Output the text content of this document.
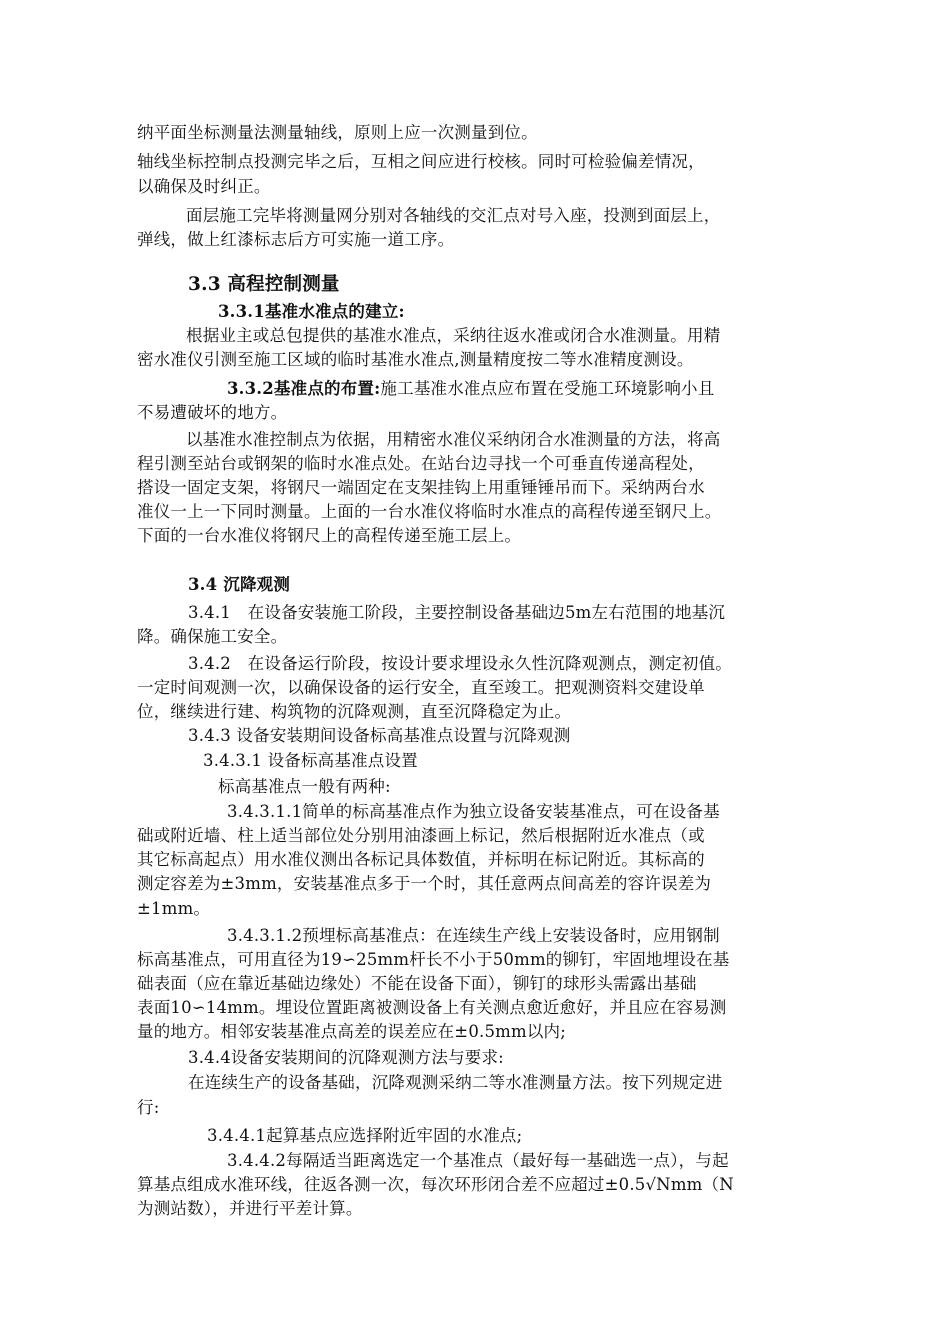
纳平面坐标测量法测量轴线，原则上应一次测量到位。
轴线坐标控制点投测完毕之后，互相之间应进行校核。同时可检验偏差情况，
以确保及时纠正。
面层施工完毕将测量网分别对各轴线的交汇点对号入座，投测到面层上，
弹线，做上红漆标志后方可实施一道工序。
3.3 高程控制测量
3.3.1基准水准点的建立:
根据业主或总包提供的基准水准点，采纳往返水准或闭合水准测量。用精
密水准仪引测至施工区域的临时基准水准点,测量精度按二等水准精度测设。
3.3.2基准点的布置:施工基准水准点应布置在受施工环境影响小且
不易遭破坏的地方。
以基准水准控制点为依据，用精密水准仪采纳闭合水准测量的方法，将高
程引测至站台或钢架的临时水准点处。在站台边寻找一个可垂直传递高程处，
搭设一固定支架，将钢尺一端固定在支架挂钩上用重锤锤吊而下。采纳两台水
准仪一上一下同时测量。上面的一台水准仪将临时水准点的高程传递至钢尺上。
下面的一台水准仪将钢尺上的高程传递至施工层上。
3.4 沉降观测
3.4.1　在设备安装施工阶段，主要控制设备基础边5m左右范围的地基沉
降。确保施工安全。
3.4.2　在设备运行阶段，按设计要求埋设永久性沉降观测点，测定初值。
一定时间观测一次，以确保设备的运行安全，直至竣工。把观测资料交建设单
位，继续进行建、构筑物的沉降观测，直至沉降稳定为止。
3.4.3 设备安装期间设备标高基准点设置与沉降观测
3.4.3.1 设备标高基准点设置
标高基准点一般有两种:
3.4.3.1.1简单的标高基准点作为独立设备安装基准点，可在设备基
础或附近墙、柱上适当部位处分别用油漆画上标记，然后根据附近水准点（或
其它标高起点）用水准仪测出各标记具体数值，并标明在标记附近。其标高的
测定容差为±3mm，安装基准点多于一个时，其任意两点间高差的容许误差为
±1mm。
3.4.3.1.2预埋标高基准点：在连续生产线上安装设备时，应用钢制
标高基准点，可用直径为19∽25mm杆长不小于50mm的铆钉，牢固地埋设在基
础表面（应在靠近基础边缘处）不能在设备下面），铆钉的球形头需露出基础
表面10∽14mm。埋设位置距离被测设备上有关测点愈近愈好，并且应在容易测
量的地方。相邻安装基准点高差的误差应在±0.5mm以内;
3.4.4设备安装期间的沉降观测方法与要求:
在连续生产的设备基础，沉降观测采纳二等水准测量方法。按下列规定进
行:
3.4.4.1起算基点应选择附近牢固的水准点;
3.4.4.2每隔适当距离选定一个基准点（最好每一基础选一点），与起
算基点组成水准环线，往返各测一次，每次环形闭合差不应超过±0.5√Nmm（N
为测站数），并进行平差计算。
